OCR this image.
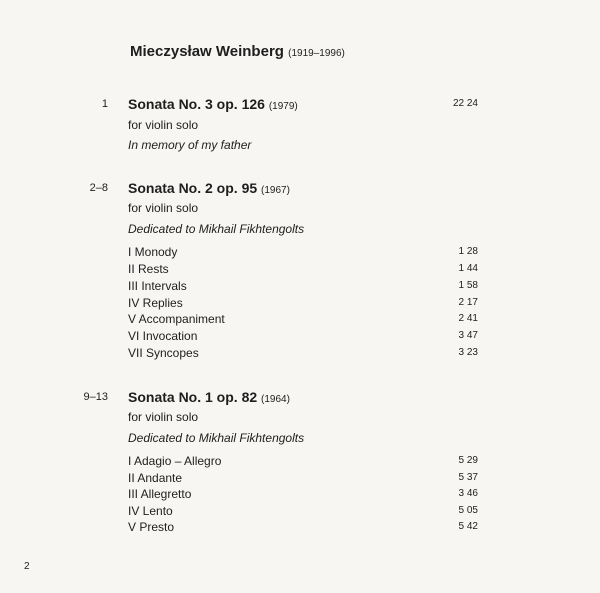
Mieczysław Weinberg (1919–1996)
1 Sonata No. 3 op. 126 (1979)	22 24
for violin solo
In memory of my father
2–8 Sonata No. 2 op. 95 (1967)
for violin solo
Dedicated to Mikhail Fikhtengolts
I Monody	1 28
II Rests	1 44
III Intervals	1 58
IV Replies	2 17
V Accompaniment	2 41
VI Invocation	3 47
VII Syncopes	3 23
9–13 Sonata No. 1 op. 82 (1964)
for violin solo
Dedicated to Mikhail Fikhtengolts
I Adagio – Allegro	5 29
II Andante	5 37
III Allegretto	3 46
IV Lento	5 05
V Presto	5 42
2
